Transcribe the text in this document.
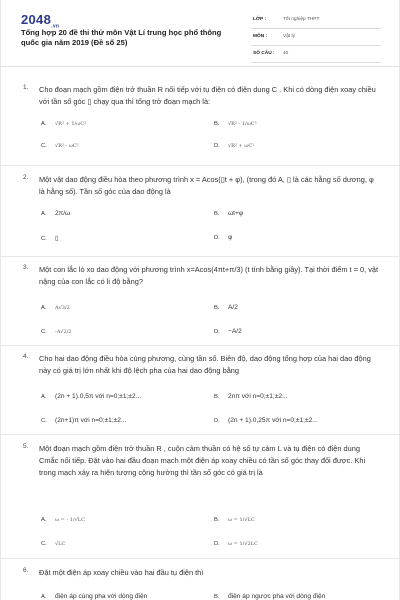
$2048_{.vn}$
Tổng hợp 20 đề thi thử môn Vật Lí trung học phổ thông quốc gia năm 2019 (Đề số 25)
LỚP :	Tốt nghiệp THPT
MÔN :	Vật lý
SỐ CÂU : 40
1. Cho đoạn mạch gồm điện trở thuần R nối tiếp với tụ điện có điện dung C . Khi có dòng điện xoay chiều với tần số góc ▯ chạy qua thì tổng trở đoạn mạch là:
A. √R² + 1/ωC²	B. √R² - 1/ωC²
C. √R² - ωC²	D. √R² + ωC²
2. Một vật dao động điều hòa theo phương trình x = Acos(▯t + φ), (trong đó A, ▯ là các hằng số dương, φ là hằng số). Tần số góc của dao động là
A. 2π/ω	B. ωt+φ
C. ▯	D. φ
3. Một con lắc lò xo dao động với phương trình x=Acos(4πt+π/3) (t tính bằng giây). Tại thời điểm t = 0, vật nặng của con lắc có li độ bằng?
A. A√3/2	B. A/2
C. -A√2/2	D. −A/2
4. Cho hai dao động điều hòa cùng phương, cùng tần số. Biên độ, dao động tổng hợp của hai dao động này có giá trị lớn nhất khi độ lệch pha của hai dao động bằng
A. (2n + 1).0,5π với n=0;±1;±2...	B. 2nπ với n=0;±1;±2...
C. (2n+1)π với n=0;±1;±2...	D. (2n + 1).0,25π với n=0;±1;±2...
5. Một đoạn mạch gồm điện trở thuần R , cuộn cảm thuần có hệ số tự cảm L và tụ điện có điện dung Cmắc nối tiếp. Đặt vào hai đầu đoạn mạch một điện áp xoay chiều có tần số góc thay đổi được. Khi trong mạch xảy ra hiện tượng cộng hưởng thì tần số góc có giá trị là
A. ω = - 1/√LC	B. ω = 1/√LC
C. √LC	D. ω = 1/√2LC
6. Đặt một điện áp xoay chiều vào hai đầu tụ điện thì
A. điện áp cùng pha với dòng điện	B. điện áp ngược pha với dòng điện
